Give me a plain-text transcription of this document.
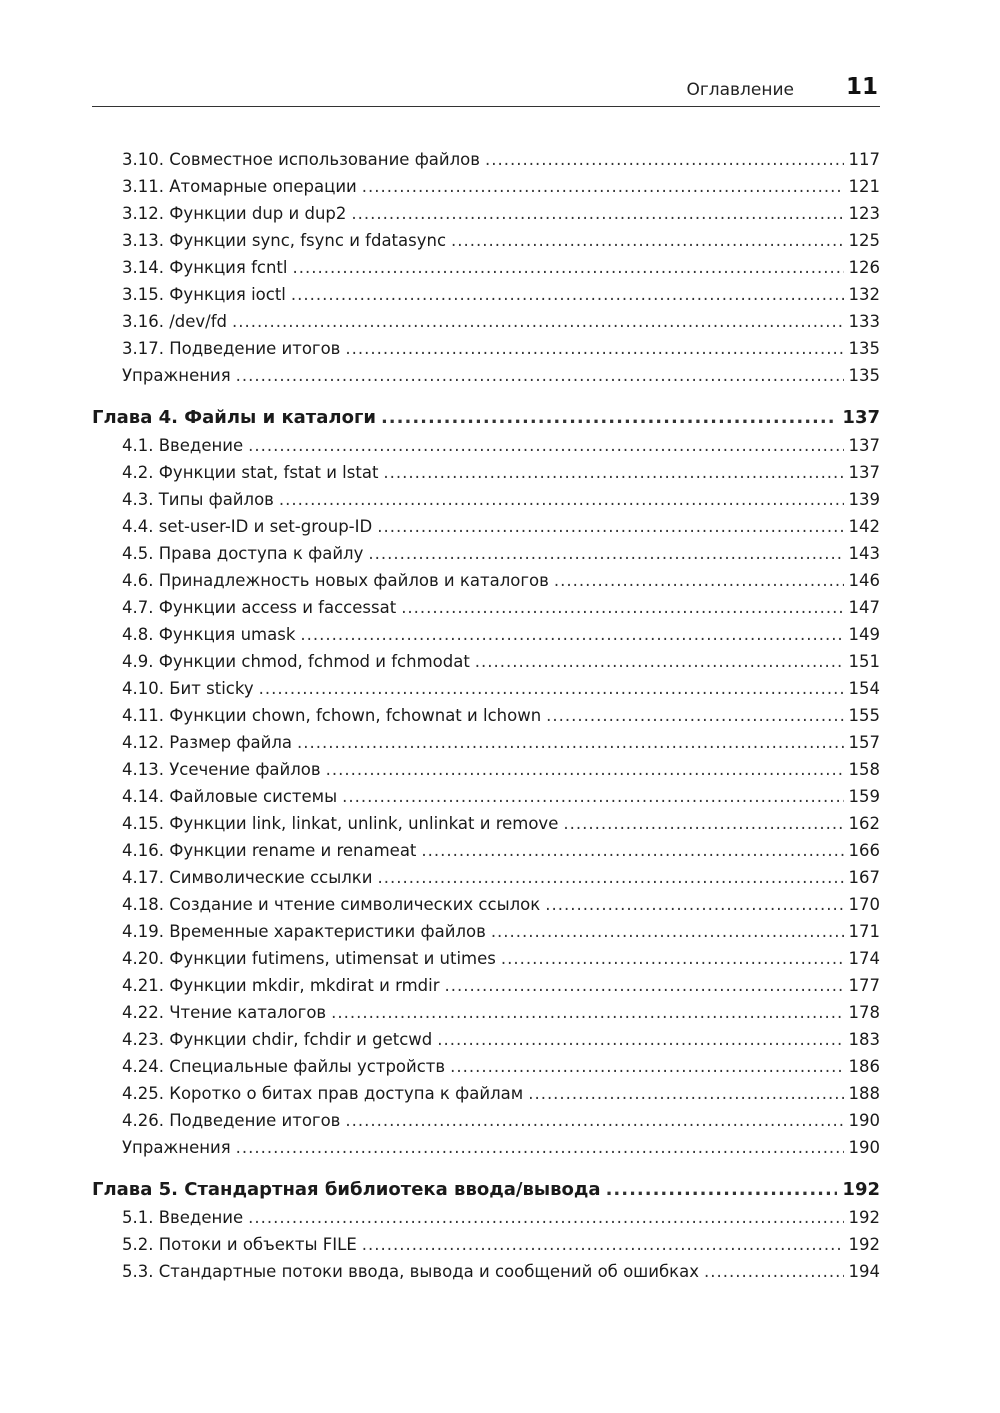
Оглавление 11
3.10. Совместное использование файлов .....	117
3.11. Атомарные операции .....	121
3.12. Функции dup и dup2 .....	123
3.13. Функции sync, fsync и fdatasync .....	125
3.14. Функция fcntl .....	126
3.15. Функция ioctl .....	132
3.16. /dev/fd .....	133
3.17. Подведение итогов .....	135
Упражнения .....	135
Глава 4. Файлы и каталоги .....	137
4.1. Введение .....	137
4.2. Функции stat, fstat и lstat .....	137
4.3. Типы файлов .....	139
4.4. set-user-ID и set-group-ID .....	142
4.5. Права доступа к файлу .....	143
4.6. Принадлежность новых файлов и каталогов .....	146
4.7. Функции access и faccessat .....	147
4.8. Функция umask .....	149
4.9. Функции chmod, fchmod и fchmodat .....	151
4.10. Бит sticky .....	154
4.11. Функции chown, fchown, fchownat и lchown .....	155
4.12. Размер файла .....	157
4.13. Усечение файлов .....	158
4.14. Файловые системы .....	159
4.15. Функции link, linkat, unlink, unlinkat и remove .....	162
4.16. Функции rename и renameat .....	166
4.17. Символические ссылки .....	167
4.18. Создание и чтение символических ссылок .....	170
4.19. Временные характеристики файлов .....	171
4.20. Функции futimens, utimensat и utimes .....	174
4.21. Функции mkdir, mkdirat и rmdir .....	177
4.22. Чтение каталогов .....	178
4.23. Функции chdir, fchdir и getcwd .....	183
4.24. Специальные файлы устройств .....	186
4.25. Коротко о битах прав доступа к файлам .....	188
4.26. Подведение итогов .....	190
Упражнения .....	190
Глава 5. Стандартная библиотека ввода/вывода .....	192
5.1. Введение .....	192
5.2. Потоки и объекты FILE .....	192
5.3. Стандартные потоки ввода, вывода и сообщений об ошибках .....	194
